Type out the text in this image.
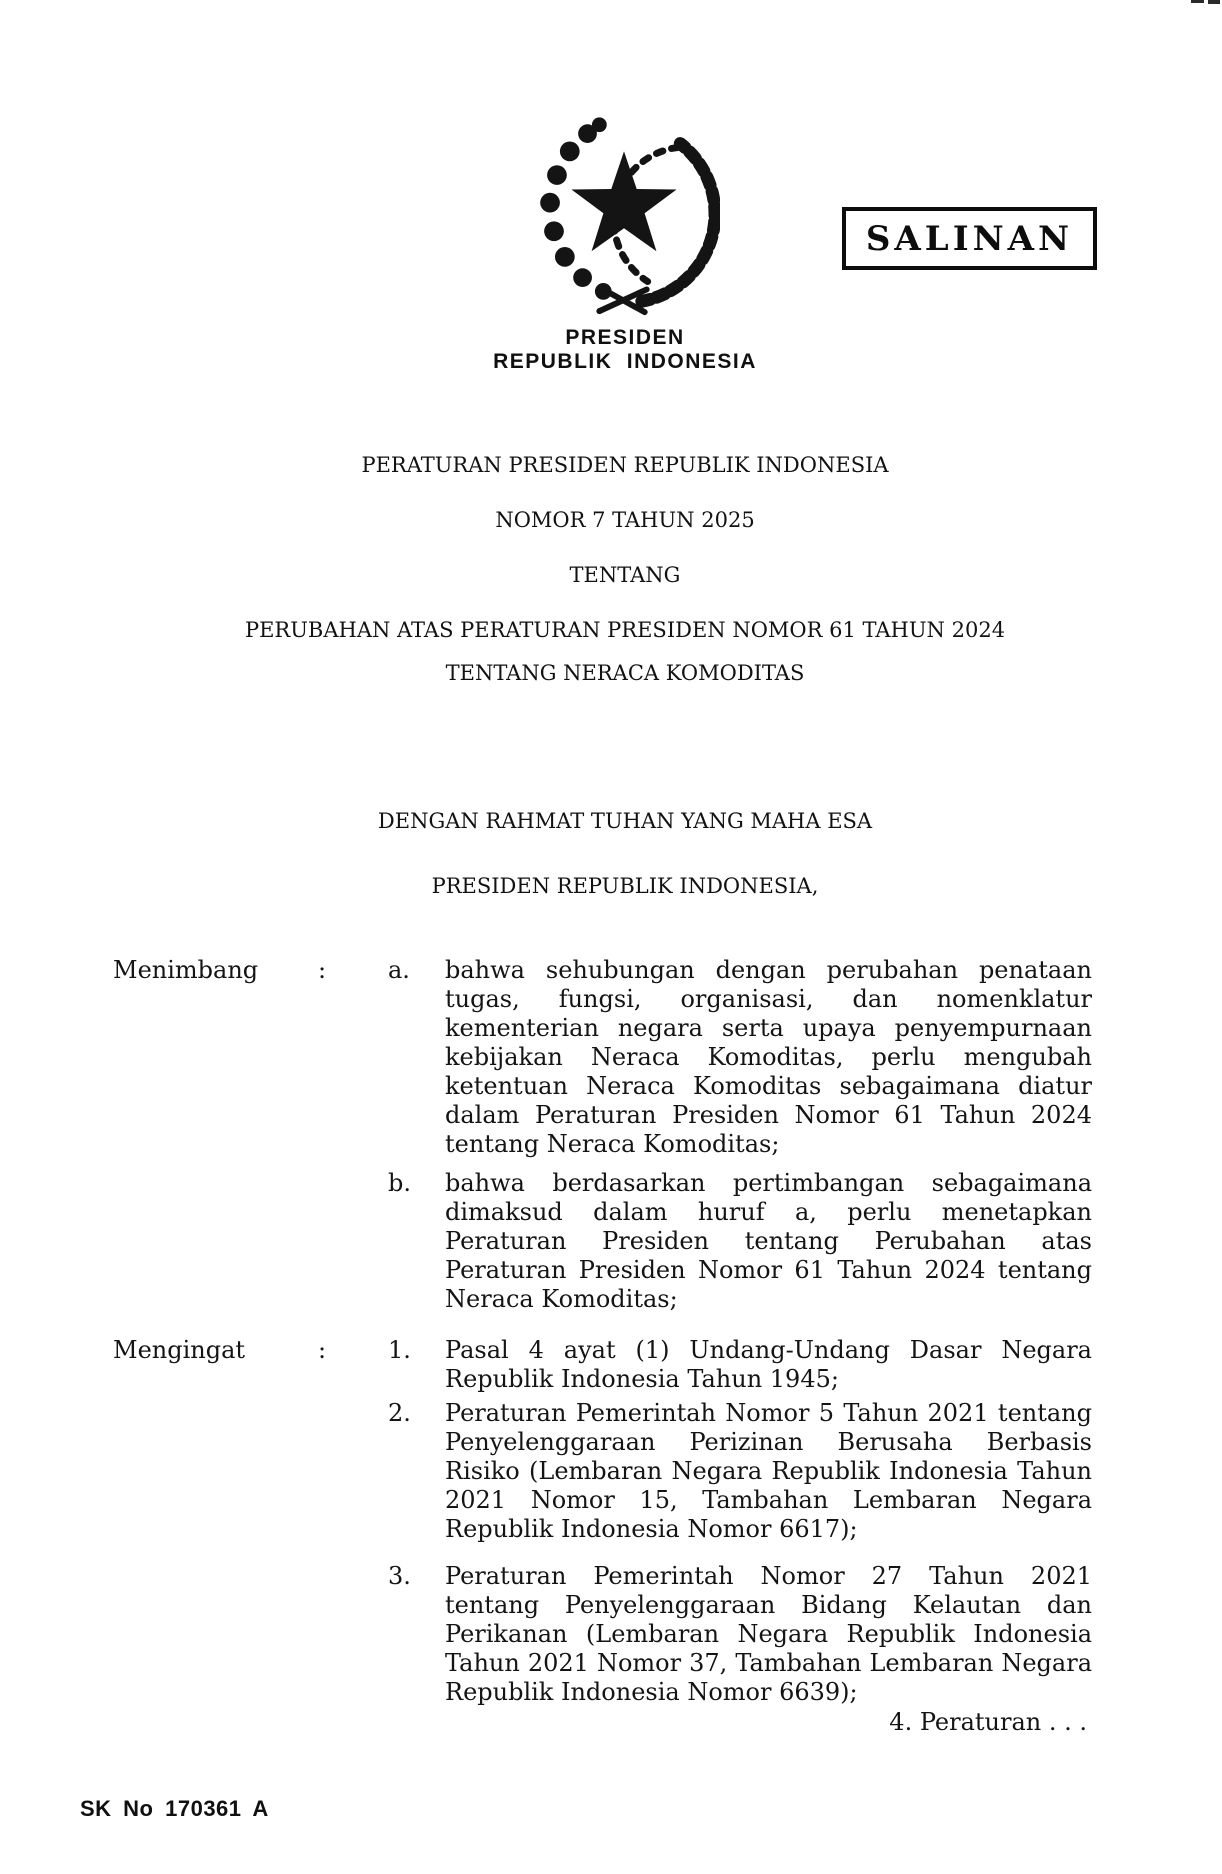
PRESIDEN
REPUBLIK INDONESIA
SALINAN
PERATURAN PRESIDEN REPUBLIK INDONESIA
NOMOR 7 TAHUN 2025
TENTANG
PERUBAHAN ATAS PERATURAN PRESIDEN NOMOR 61 TAHUN 2024
TENTANG NERACA KOMODITAS
DENGAN RAHMAT TUHAN YANG MAHA ESA
PRESIDEN REPUBLIK INDONESIA,
Menimbang	:	a.	bahwa sehubungan dengan perubahan penataan tugas, fungsi, organisasi, dan nomenklatur kementerian negara serta upaya penyempurnaan kebijakan Neraca Komoditas, perlu mengubah ketentuan Neraca Komoditas sebagaimana diatur dalam Peraturan Presiden Nomor 61 Tahun 2024 tentang Neraca Komoditas;
b.	bahwa berdasarkan pertimbangan sebagaimana dimaksud dalam huruf a, perlu menetapkan Peraturan Presiden tentang Perubahan atas Peraturan Presiden Nomor 61 Tahun 2024 tentang Neraca Komoditas;
Mengingat	:	1.	Pasal 4 ayat (1) Undang-Undang Dasar Negara Republik Indonesia Tahun 1945;
2.	Peraturan Pemerintah Nomor 5 Tahun 2021 tentang Penyelenggaraan Perizinan Berusaha Berbasis Risiko (Lembaran Negara Republik Indonesia Tahun 2021 Nomor 15, Tambahan Lembaran Negara Republik Indonesia Nomor 6617);
3.	Peraturan Pemerintah Nomor 27 Tahun 2021 tentang Penyelenggaraan Bidang Kelautan dan Perikanan (Lembaran Negara Republik Indonesia Tahun 2021 Nomor 37, Tambahan Lembaran Negara Republik Indonesia Nomor 6639);
4. Peraturan . . .
SK No 170361 A
